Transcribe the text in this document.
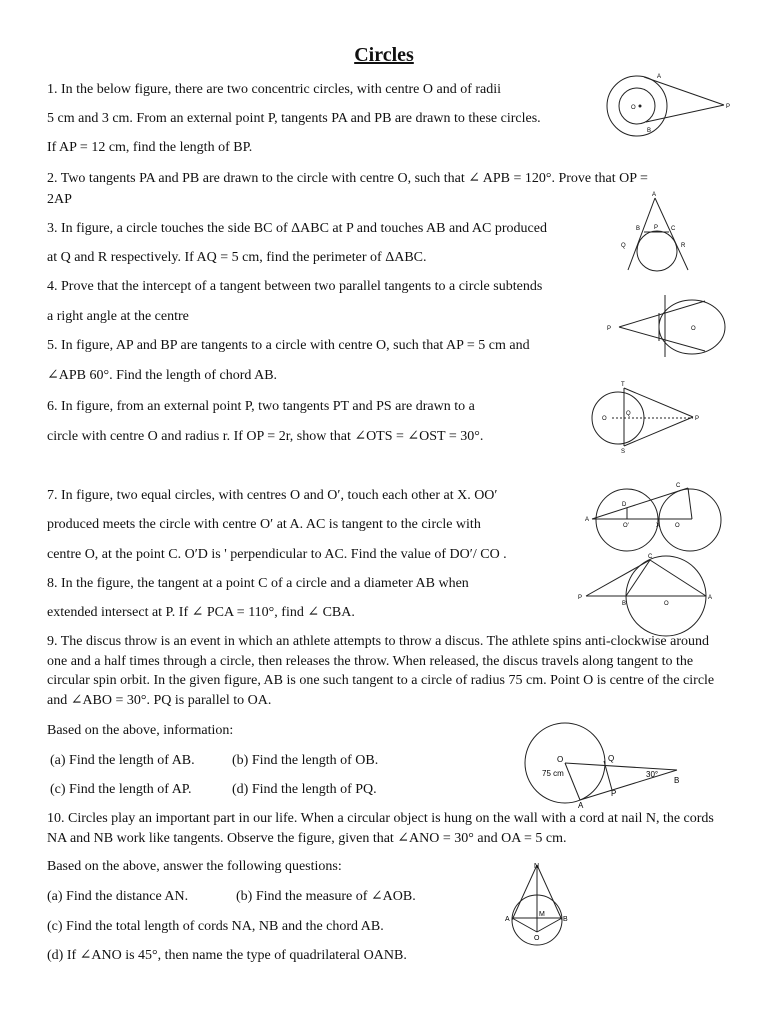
Circles
1. In the below figure, there are two concentric circles, with centre O and of radii
5 cm and 3 cm. From an external point P, tangents PA and PB are drawn to these circles.
If AP = 12 cm, find the length of BP.
2. Two tangents PA and PB are drawn to the circle with centre O, such that ∠ APB = 120°. Prove that OP =
2AP
3. In figure, a circle touches the side BC of ΔABC at P and touches AB and AC produced
at Q and R respectively. If AQ = 5 cm, find the perimeter of ΔABC.
4. Prove that the intercept of a tangent between two parallel tangents to a circle subtends
a right angle at the centre
5. In figure, AP and BP are tangents to a circle with centre O, such that AP = 5 cm and
∠APB 60°. Find the length of chord AB.
6. In figure, from an external point P, two tangents PT and PS are drawn to a
circle with centre O and radius r. If OP = 2r, show that ∠OTS = ∠OST = 30°.
7. In figure, two equal circles, with centres O and O′, touch each other at X. OO′
produced meets the circle with centre O′ at A. AC is tangent to the circle with
centre O, at the point C. O′D is ' perpendicular to AC. Find the value of DO′/ CO .
8. In the figure, the tangent at a point C of a circle and a diameter AB when
extended intersect at P. If ∠ PCA = 110°, find ∠ CBA.
9. The discus throw is an event in which an athlete attempts to throw a discus. The athlete spins anti-clockwise around one and a half times through a circle, then releases the throw. When released, the discus travels along tangent to the circular spin orbit. In the given figure, AB is one such tangent to a circle of radius 75 cm. Point O is centre of the circle and ∠ABO = 30°. PQ is parallel to OA.
Based on the above, information:
(a) Find the length of AB.	(b) Find the length of OB.
(c) Find the length of AP.	(d) Find the length of PQ.
10. Circles play an important part in our life. When a circular object is hung on the wall with a cord at nail N, the cords NA and NB work like tangents. Observe the figure, given that ∠ANO = 30° and OA = 5 cm.
Based on the above, answer the following questions:
(a) Find the distance AN.	(b) Find the measure of ∠AOB.
(c) Find the total length of cords NA, NB and the chord AB.
(d) If ∠ANO is 45°, then name the type of quadrilateral OANB.
O
A
B
P
A
B P C
Q	R
P	O
T
Q
O	P
S
C
D
A
O′	X O
C
P
B	O
A
O	Q
75 cm	30°
P
B
A
N
A
M
B
O
